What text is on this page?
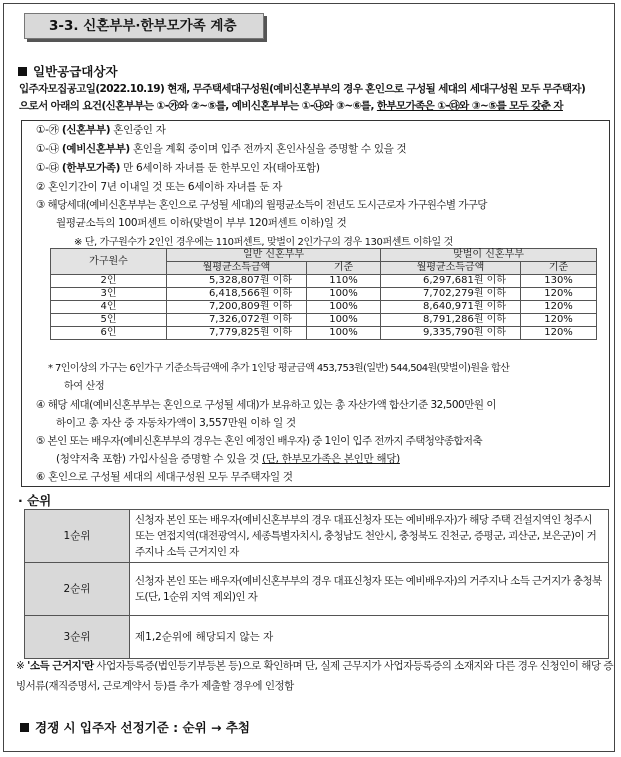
3-3. 신혼부부·한부모가족 계층
일반공급대상자
입주자모집공고일(2022.10.19) 현재, 무주택세대구성원(예비신혼부부의 경우 혼인으로 구성될 세대의 세대구성원 모두 무주택자)
으로서 아래의 요건(신혼부부는 ①-㉮와 ②~⑤를, 예비신혼부부는 ①-㉯와 ③~⑥를, 한부모가족은 ①-㉰와 ③~⑤를 모두 갖춘 자
①-㉮ (신혼부부) 혼인중인 자
①-㉯ (예비신혼부부) 혼인을 계획 중이며 입주 전까지 혼인사실을 증명할 수 있을 것
①-㉰ (한부모가족) 만 6세이하 자녀를 둔 한부모인 자(태아포함)
② 혼인기간이 7년 이내일 것 또는 6세이하 자녀를 둔 자
③ 해당세대(예비신혼부부는 혼인으로 구성될 세대)의 월평균소득이 전년도 도시근로자 가구원수별 가구당
월평균소득의 100퍼센트 이하(맞벌이 부부 120퍼센트 이하)일 것
※ 단, 가구원수가 2인인 경우에는 110퍼센트, 맞벌이 2인가구의 경우 130퍼센트 이하일 것
가구원수	일반 신혼부부		맞벌이 신혼부부	
	월평균소득금액	기준	월평균소득금액	기준
2인	5,328,807원 이하	110%	6,297,681원 이하	130%
3인	6,418,566원 이하	100%	7,702,279원 이하	120%
4인	7,200,809원 이하	100%	8,640,971원 이하	120%
5인	7,326,072원 이하	100%	8,791,286원 이하	120%
6인	7,779,825원 이하	100%	9,335,790원 이하	120%
* 7인이상의 가구는 6인가구 기준소득금액에 추가 1인당 평균금액 453,753원(일반) 544,504원(맞벌이)원을 합산
하여 산정
④ 해당 세대(예비신혼부부는 혼인으로 구성될 세대)가 보유하고 있는 총 자산가액 합산기준 32,500만원 이
하이고 총 자산 중 자동차가액이 3,557만원 이하 일 것
⑤ 본인 또는 배우자(예비신혼부부의 경우는 혼인 예정인 배우자) 중 1인이 입주 전까지 주택청약종합저축
(청약저축 포함) 가입사실을 증명할 수 있을 것 (단, 한부모가족은 본인만 해당)
⑥ 혼인으로 구성될 세대의 세대구성원 모두 무주택자일 것
· 순위
1순위	신청자 본인 또는 배우자(예비신혼부부의 경우 대표신청자 또는 예비배우자)가 해당 주택 건설지역인 청주시 또는 연접지역(대전광역시, 세종특별자치시, 충청남도 천안시, 충청북도 진천군, 증평군, 괴산군, 보은군)이 거주지나 소득 근거지인 자
2순위	신청자 본인 또는 배우자(예비신혼부부의 경우 대표신청자 또는 예비배우자)의 거주지나 소득 근거지가 충청북도(단, 1순위 지역 제외)인 자
3순위	제1,2순위에 해당되지 않는 자
※ '소득 근거지'란 사업자등록증(법인등기부등본 등)으로 확인하며 단, 실제 근무지가 사업자등록증의 소재지와 다른 경우 신청인이 해당 증빙서류(재직증명서, 근로계약서 등)를 추가 제출할 경우에 인정함
경쟁 시 입주자 선정기준 : 순위 → 추첨
